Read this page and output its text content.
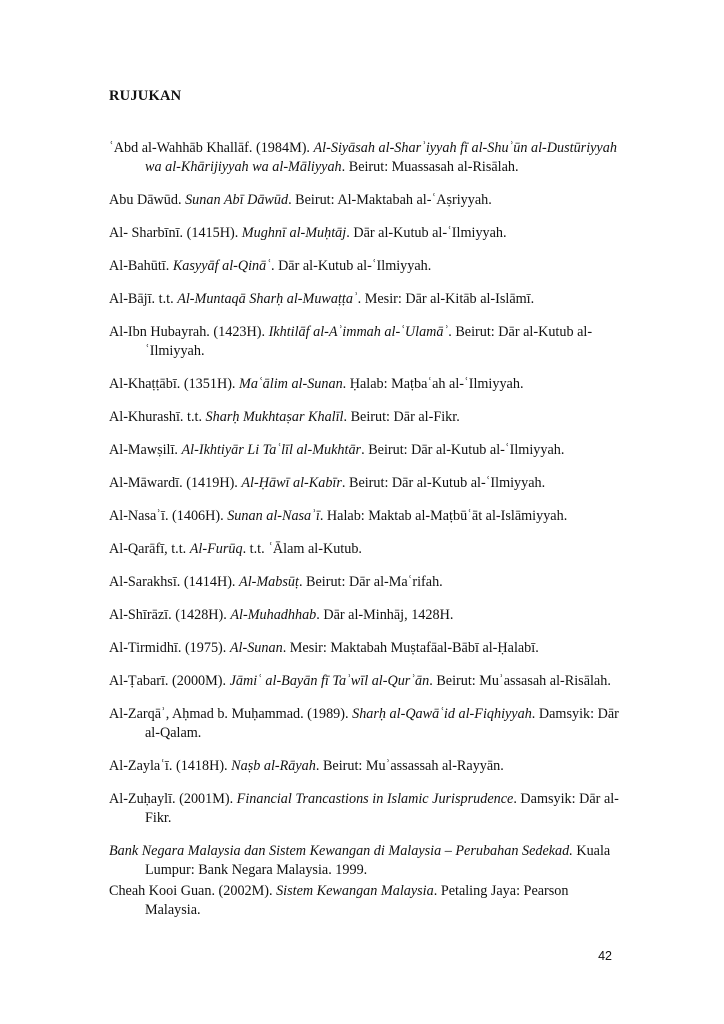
RUJUKAN

ʿAbd al-Wahhāb Khallāf. (1984M). Al-Siyāsah al-Sharʾiyyah fī al-Shuʾūn al-Dustūriyyah wa al-Khārijiyyah wa al-Māliyyah. Beirut: Muassasah al-Risālah.

Abu Dāwūd. Sunan Abī Dāwūd. Beirut: Al-Maktabah al-ʿAṣriyyah.

Al- Sharbīnī. (1415H). Mughnī al-Muḥtāj. Dār al-Kutub al-ʿIlmiyyah.

Al-Bahūtī. Kasyyāf al-Qināʿ. Dār al-Kutub al-ʿIlmiyyah.

Al-Bājī. t.t. Al-Muntaqā Sharḥ al-Muwaṭṭaʾ. Mesir: Dār al-Kitāb al-Islāmī.

Al-Ibn Hubayrah. (1423H). Ikhtilāf al-Aʾimmah al-ʿUlamāʾ. Beirut: Dār al-Kutub al-ʿIlmiyyah.

Al-Khaṭṭābī. (1351H). Maʿālim al-Sunan. Ḥalab: Maṭbaʿah al-ʿIlmiyyah.

Al-Khurashī. t.t. Sharḥ Mukhtaṣar Khalīl. Beirut: Dār al-Fikr.

Al-Mawṣilī. Al-Ikhtiyār Li Taʿlīl al-Mukhtār. Beirut: Dār al-Kutub al-ʿIlmiyyah.

Al-Māwardī. (1419H). Al-Ḥāwī al-Kabīr. Beirut: Dār al-Kutub al-ʿIlmiyyah.

Al-Nasaʾī. (1406H). Sunan al-Nasaʾī. Halab: Maktab al-Maṭbūʿāt al-Islāmiyyah.

Al-Qarāfī, t.t. Al-Furūq. t.t. ʿĀlam al-Kutub.

Al-Sarakhsī. (1414H). Al-Mabsūṭ. Beirut: Dār al-Maʿrifah.

Al-Shīrāzī. (1428H). Al-Muhadhhab. Dār al-Minhāj, 1428H.

Al-Tirmidhī. (1975). Al-Sunan. Mesir: Maktabah Muṣtafāal-Bābī al-Ḥalabī.

Al-Ṭabarī. (2000M). Jāmiʿ al-Bayān fī Taʾwīl al-Qurʾān. Beirut: Muʾassasah al-Risālah.

Al-Zarqāʾ, Aḥmad b. Muḥammad. (1989). Sharḥ al-Qawāʿid al-Fiqhiyyah. Damsyik: Dār al-Qalam.

Al-Zaylaʿī. (1418H). Naṣb al-Rāyah. Beirut: Muʾassassah al-Rayyān.

Al-Zuḥaylī. (2001M). Financial Trancastions in Islamic Jurisprudence. Damsyik: Dār al-Fikr.

Bank Negara Malaysia dan Sistem Kewangan di Malaysia – Perubahan Sedekad. Kuala Lumpur: Bank Negara Malaysia. 1999.

Cheah Kooi Guan. (2002M). Sistem Kewangan Malaysia. Petaling Jaya: Pearson Malaysia.

42
